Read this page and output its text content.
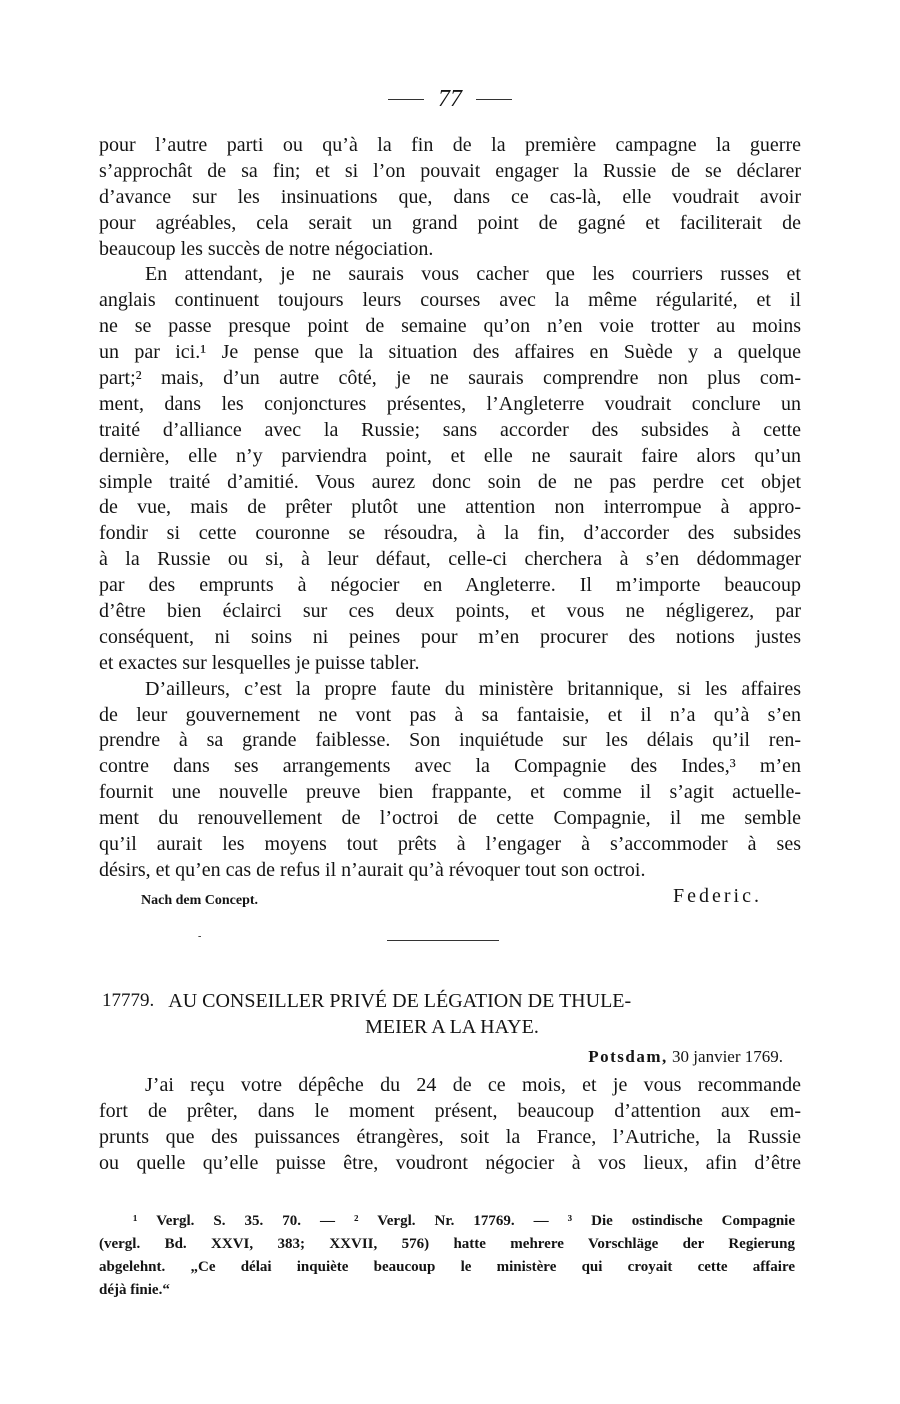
77
pour l’autre parti ou qu’à la fin de la première campagne la guerre
s’approchât de sa fin; et si l’on pouvait engager la Russie de se déclarer
d’avance sur les insinuations que, dans ce cas-là, elle voudrait avoir
pour agréables, cela serait un grand point de gagné et faciliterait de
beaucoup les succès de notre négociation.
En attendant, je ne saurais vous cacher que les courriers russes et
anglais continuent toujours leurs courses avec la même régularité, et il
ne se passe presque point de semaine qu’on n’en voie trotter au moins
un par ici.¹ Je pense que la situation des affaires en Suède y a quelque
part;² mais, d’un autre côté, je ne saurais comprendre non plus com-
ment, dans les conjonctures présentes, l’Angleterre voudrait conclure un
traité d’alliance avec la Russie; sans accorder des subsides à cette
dernière, elle n’y parviendra point, et elle ne saurait faire alors qu’un
simple traité d’amitié. Vous aurez donc soin de ne pas perdre cet objet
de vue, mais de prêter plutôt une attention non interrompue à appro-
fondir si cette couronne se résoudra, à la fin, d’accorder des subsides
à la Russie ou si, à leur défaut, celle-ci cherchera à s’en dédommager
par des emprunts à négocier en Angleterre. Il m’importe beaucoup
d’être bien éclairci sur ces deux points, et vous ne négligerez, par
conséquent, ni soins ni peines pour m’en procurer des notions justes
et exactes sur lesquelles je puisse tabler.
D’ailleurs, c’est la propre faute du ministère britannique, si les affaires
de leur gouvernement ne vont pas à sa fantaisie, et il n’a qu’à s’en
prendre à sa grande faiblesse. Son inquiétude sur les délais qu’il ren-
contre dans ses arrangements avec la Compagnie des Indes,³ m’en
fournit une nouvelle preuve bien frappante, et comme il s’agit actuelle-
ment du renouvellement de l’octroi de cette Compagnie, il me semble
qu’il aurait les moyens tout prêts à l’engager à s’accommoder à ses
désirs, et qu’en cas de refus il n’aurait qu’à révoquer tout son octroi.
Nach dem Concept.	Federic.
-
17779. AU CONSEILLER PRIVÉ DE LÉGATION DE THULE-
MEIER A LA HAYE.
Potsdam, 30 janvier 1769.
J’ai reçu votre dépêche du 24 de ce mois, et je vous recommande
fort de prêter, dans le moment présent, beaucoup d’attention aux em-
prunts que des puissances étrangères, soit la France, l’Autriche, la Russie
ou quelle qu’elle puisse être, voudront négocier à vos lieux, afin d’être
¹ Vergl. S. 35. 70. — ² Vergl. Nr. 17769. — ³ Die ostindische Compagnie
(vergl. Bd. XXVI, 383; XXVII, 576) hatte mehrere Vorschläge der Regierung
abgelehnt. „Ce délai inquiète beaucoup le ministère qui croyait cette affaire
déjà finie.“
